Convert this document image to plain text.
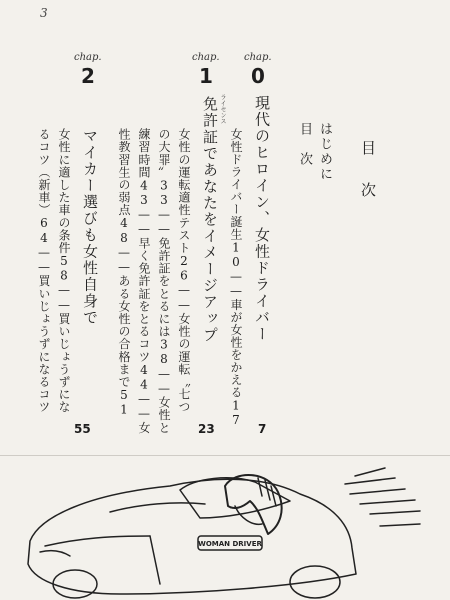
3
目　次
はじめに
目　次
chap.
0
現代のヒロイン、女性ドライバー
女性ドライバー誕生10——車が女性をかえる17
7
chap.
1
ライセンス
免許証であなたをイメージアップ
女性の運転適性テスト26——女性の運転〝七つ
の大罪〟33——免許証をとるには38——女性と
練習時間43——早く免許証をとるコツ44——女
性教習生の弱点48——ある女性の合格まで51
23
chap.
2
マイカー選びも女性自身で
女性に適した車の条件58——買いじょうずにな
るコツ（新車）64——買いじょうずになるコツ
55
WOMAN DRIVER
